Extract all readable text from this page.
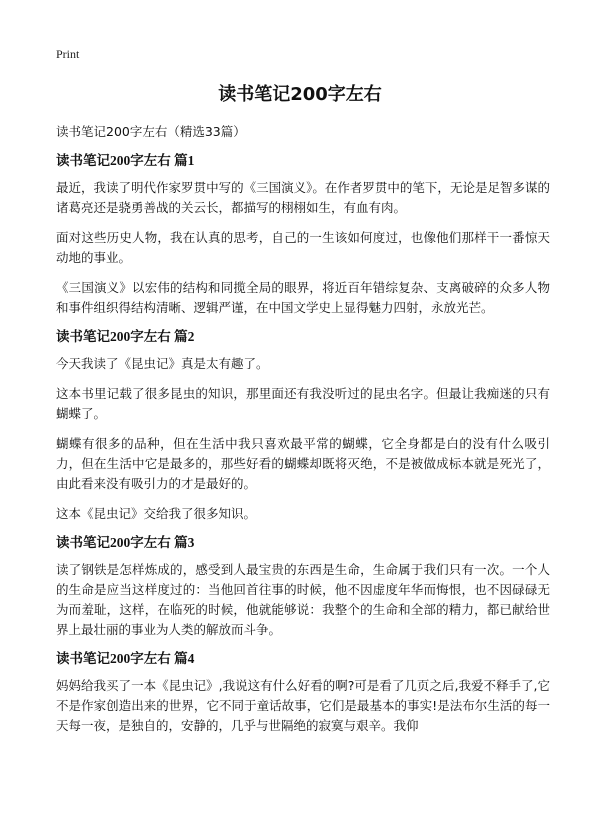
Print
读书笔记200字左右
读书笔记200字左右（精选33篇）
读书笔记200字左右 篇1

最近，我读了明代作家罗贯中写的《三国演义》。在作者罗贯中的笔下，无论是足智多谋的诸葛亮还是骁勇善战的关云长，都描写的栩栩如生，有血有肉。

面对这些历史人物，我在认真的思考，自己的一生该如何度过，也像他们那样干一番惊天动地的事业。

《三国演义》以宏伟的结构和同揽全局的眼界，将近百年错综复杂、支离破碎的众多人物和事件组织得结构清晰、逻辑严谨，在中国文学史上显得魅力四射，永放光芒。

读书笔记200字左右 篇2

今天我读了《昆虫记》真是太有趣了。

这本书里记载了很多昆虫的知识，那里面还有我没听过的昆虫名字。但最让我痴迷的只有蝴蝶了。

蝴蝶有很多的品种，但在生活中我只喜欢最平常的蝴蝶，它全身都是白的没有什么吸引力，但在生活中它是最多的，那些好看的蝴蝶却既将灭绝，不是被做成标本就是死光了，由此看来没有吸引力的才是最好的。

这本《昆虫记》交给我了很多知识。

读书笔记200字左右 篇3

读了钢铁是怎样炼成的，感受到人最宝贵的东西是生命，生命属于我们只有一次。一个人的生命是应当这样度过的：当他回首往事的时候，他不因虚度年华而悔恨，也不因碌碌无为而羞耻，这样，在临死的时候，他就能够说：我整个的生命和全部的精力，都已献给世界上最壮丽的事业为人类的解放而斗争。

读书笔记200字左右 篇4

妈妈给我买了一本《昆虫记》,我说这有什么好看的啊?可是看了几页之后,我爱不释手了,它不是作家创造出来的世界，它不同于童话故事，它们是最基本的事实!是法布尔生活的每一天每一夜，是独自的，安静的，几乎与世隔绝的寂寞与艰辛。我仰
